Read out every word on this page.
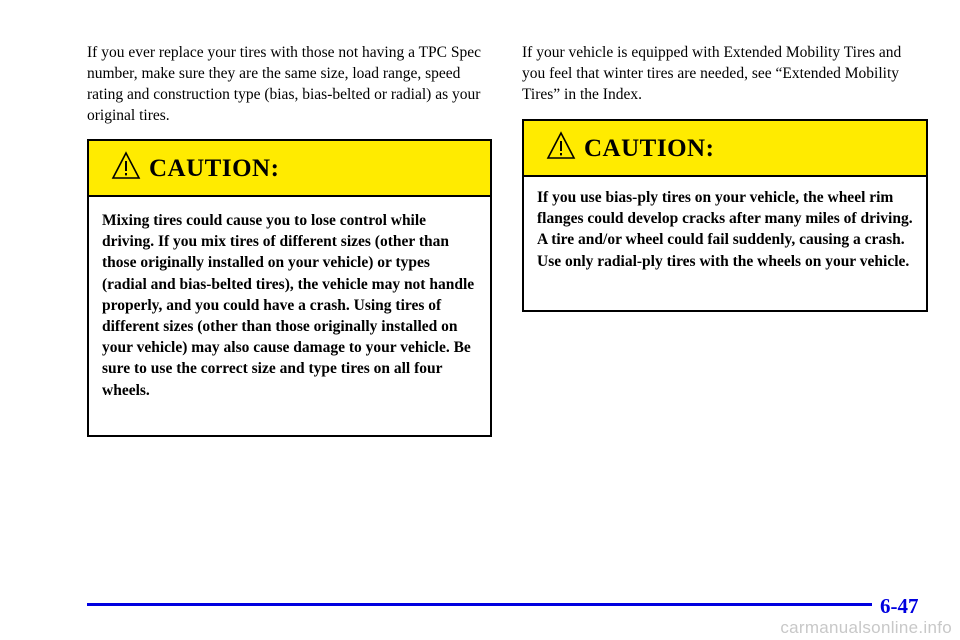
If you ever replace your tires with those not having a TPC Spec number, make sure they are the same size, load range, speed rating and construction type (bias, bias‑belted or radial) as your original tires.

CAUTION:
Mixing tires could cause you to lose control while driving. If you mix tires of different sizes (other than those originally installed on your vehicle) or types (radial and bias‑belted tires), the vehicle may not handle properly, and you could have a crash. Using tires of different sizes (other than those originally installed on your vehicle) may also cause damage to your vehicle. Be sure to use the correct size and type tires on all four wheels.

If your vehicle is equipped with Extended Mobility Tires and you feel that winter tires are needed, see “Extended Mobility Tires” in the Index.

CAUTION:
If you use bias‑ply tires on your vehicle, the wheel rim flanges could develop cracks after many miles of driving. A tire and/or wheel could fail suddenly, causing a crash. Use only radial‑ply tires with the wheels on your vehicle.
6-47
carmanualsonline.info
